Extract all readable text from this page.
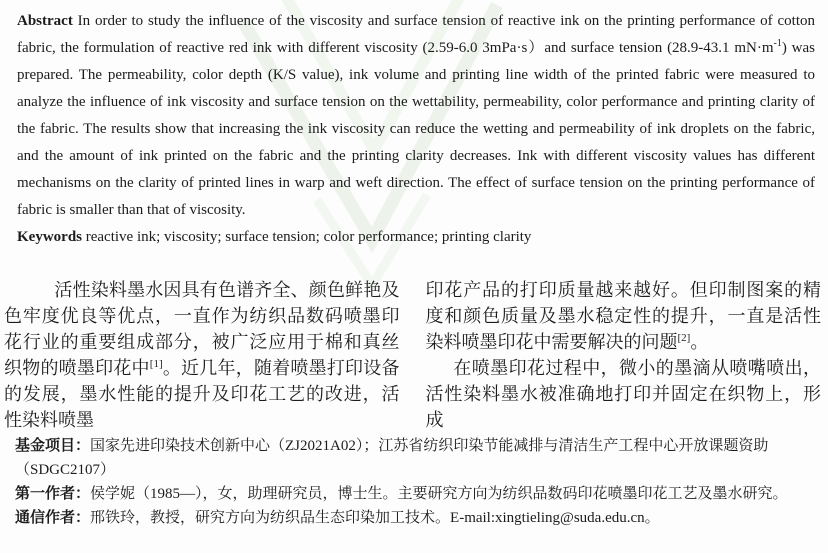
Abstract In order to study the influence of the viscosity and surface tension of reactive ink on the printing performance of cotton fabric, the formulation of reactive red ink with different viscosity (2.59-6.0 3mPa·s）and surface tension (28.9-43.1 $mN\cdot m^{-1}$) was prepared. The permeability, color depth (K/S value), ink volume and printing line width of the printed fabric were measured to analyze the influence of ink viscosity and surface tension on the wettability, permeability, color performance and printing clarity of the fabric. The results show that increasing the ink viscosity can reduce the wetting and permeability of ink droplets on the fabric, and the amount of ink printed on the fabric and the printing clarity decreases. Ink with different viscosity values has different mechanisms on the clarity of printed lines in warp and weft direction. The effect of surface tension on the printing performance of fabric is smaller than that of viscosity.

Keywords reactive ink; viscosity; surface tension; color performance; printing clarity

活性染料墨水因具有色谱齐全、颜色鲜艳及色牢度优良等优点，一直作为纺织品数码喷墨印花行业的重要组成部分，被广泛应用于棉和真丝织物的喷墨印花中[1]。近几年，随着喷墨打印设备的发展，墨水性能的提升及印花工艺的改进，活性染料喷墨

印花产品的打印质量越来越好。但印制图案的精度和颜色质量及墨水稳定性的提升，一直是活性染料喷墨印花中需要解决的问题[2]。

在喷墨印花过程中，微小的墨滴从喷嘴喷出，活性染料墨水被准确地打印并固定在织物上，形成

基金项目：国家先进印染技术创新中心（ZJ2021A02）；江苏省纺织印染节能减排与清洁生产工程中心开放课题资助（SDGC2107）

第一作者：侯学妮（1985—），女，助理研究员，博士生。主要研究方向为纺织品数码印花喷墨印花工艺及墨水研究。

通信作者：邢铁玲，教授，研究方向为纺织品生态印染加工技术。E-mail:xingtieling@suda.edu.cn。
